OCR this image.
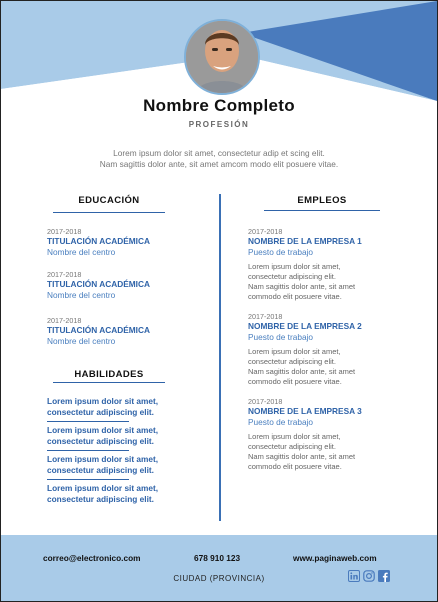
Nombre Completo
PROFESIÓN
Lorem ipsum dolor sit amet, consectetur adip et scing elit.
Nam sagittis dolor ante, sit amet amcom modo elit posuere vitae.
EDUCACIÓN
2017-2018
TITULACIÓN ACADÉMICA
Nombre del centro
2017-2018
TITULACIÓN ACADÉMICA
Nombre del centro
2017-2018
TITULACIÓN ACADÉMICA
Nombre del centro
HABILIDADES
Lorem ipsum dolor sit amet,
consectetur adipiscing elit.
Lorem ipsum dolor sit amet,
consectetur adipiscing elit.
Lorem ipsum dolor sit amet,
consectetur adipiscing elit.
Lorem ipsum dolor sit amet,
consectetur adipiscing elit.
EMPLEOS
2017-2018
NOMBRE DE LA EMPRESA 1
Puesto de trabajo
Lorem ipsum dolor sit amet,
consectetur adipiscing elit.
Nam sagittis dolor ante, sit amet
commodo elit posuere vitae.
2017-2018
NOMBRE DE LA EMPRESA 2
Puesto de trabajo
Lorem ipsum dolor sit amet,
consectetur adipiscing elit.
Nam sagittis dolor ante, sit amet
commodo elit posuere vitae.
2017-2018
NOMBRE DE LA EMPRESA 3
Puesto de trabajo
Lorem ipsum dolor sit amet,
consectetur adipiscing elit.
Nam sagittis dolor ante, sit amet
commodo elit posuere vitae.
correo@electronico.com	678 910 123	www.paginaweb.com
CIUDAD (PROVINCIA)
